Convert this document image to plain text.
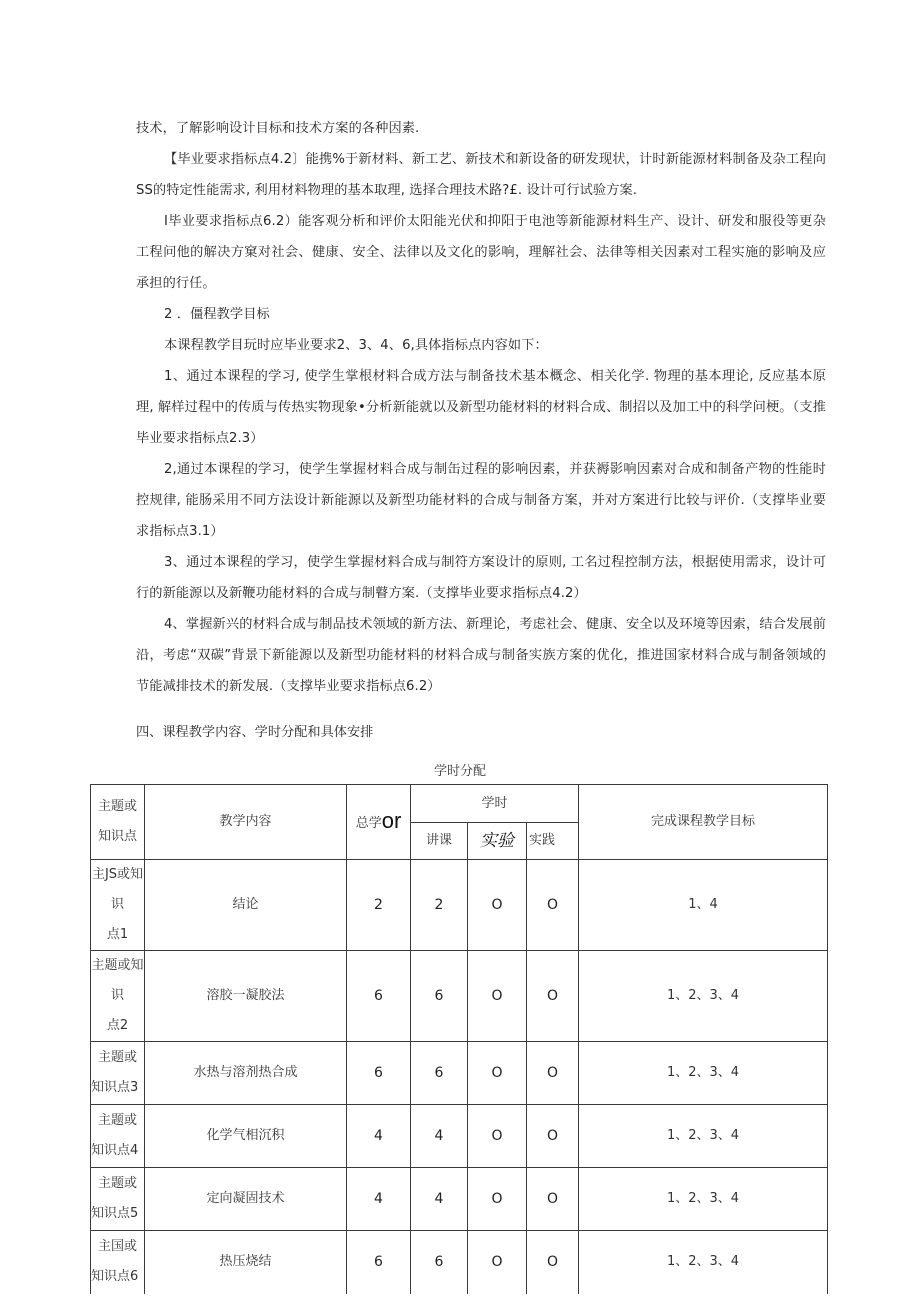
技术，了解影响设计目标和技术方案的各种因素.

【毕业要求指标点4.2〕能携%于新材料、新工艺、新技术和新设备的研发现状，计时新能源材料制备及杂工程向SS的特定性能需求, 利用材料物理的基本取理, 选择合理技术路?£. 设计可行试验方案.

I毕业要求指标点6.2）能客观分析和评价太阳能光伏和抑阳于电池等新能源材料生产、设计、研发和服役等更杂工程问他的解决方窠对社会、健康、安全、法律以及文化的影响，理解社会、法律等相关因素对工程实施的影响及应承担的行任。

2 ．僵程教学目标

本课程教学目玩时应毕业要求2、3、4、6,具体指标点内容如下：

1、通过本课程的学习, 使学生掌根材料合成方法与制备技术基本概念、相关化学. 物理的基本理论, 反应基本原理, 解样过程中的传质与传热实物现象•分析新能就以及新型功能材料的材料合成、制招以及加工中的科学问梗。（支推毕业要求指标点2.3）

2,通过本课程的学习，使学生掌握材料合成与制缶过程的影响因素，并获褥影响因素对合成和制备产物的性能时控规律, 能肠采用不同方法设计新能源以及新型功能材料的合成与制备方案，并对方案进行比较与评价.（支撑毕业要求指标点3.1）

3、通过本课程的学习，使学生掌握材料合成与制符方案设计的原则, 工名过程控制方法，根据使用需求，设计可行的新能源以及新鞭功能材料的合成与制瞽方案.（支撑毕业要求指标点4.2）

4、掌握新兴的材料合成与制品技术领域的新方法、新理论，考虑社会、健康、安全以及环境等因索，结合发展前沿，考虑“双碳”背景下新能源以及新型功能材料的材料合成与制备实族方案的优化，推进国家材料合成与制备领域的节能减排技术的新发展.（支撑毕业要求指标点6.2）

四、课程教学内容、学时分配和具体安排
学时分配
主题或
知识点	教学内容	总学or	学时			完成课程教学目标
			讲课	实验	实践	

主JS或知识
点1	结论	2	2	O	O	1、4

主题或知识
点2	溶胶一凝胶法	6	6	O	O	1、2、3、4

主题或
知识点3	水热与溶剂热合成	6	6	O	O	1、2、3、4

主题或
知识点4	化学气相沉积	4	4	O	O	1、2、3、4

主题或
知识点5	定向凝固技术	4	4	O	O	1、2、3、4

主国或
知识点6	热压烧结	6	6	O	O	1、2、3、4
